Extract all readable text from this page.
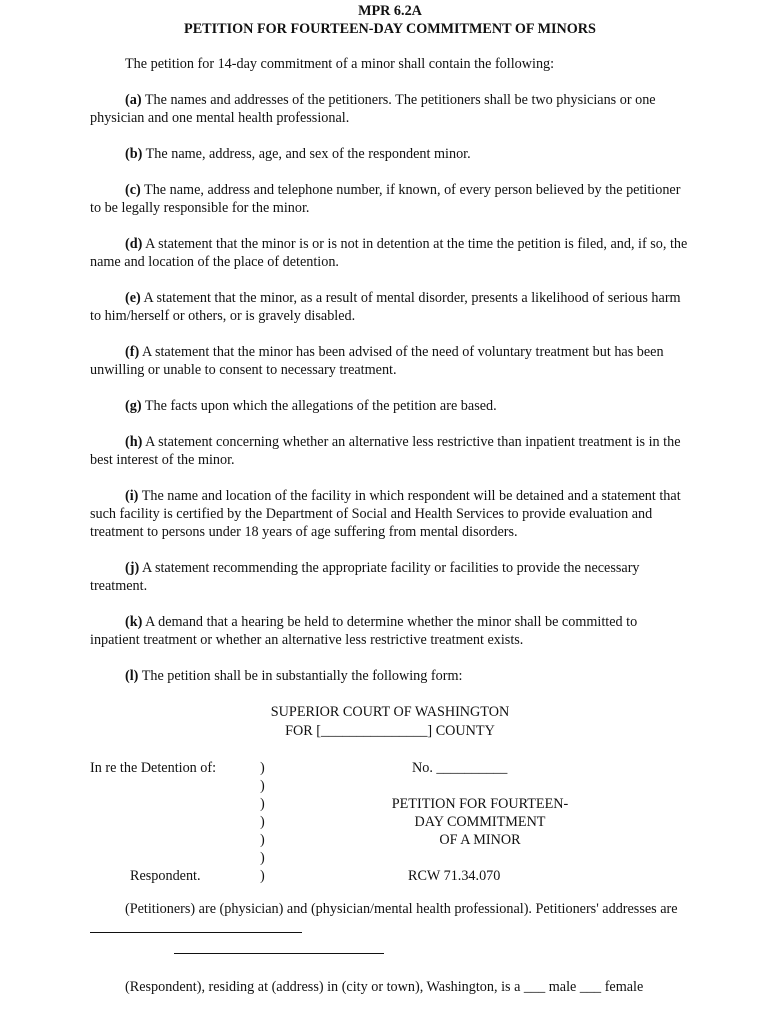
MPR 6.2A
PETITION FOR FOURTEEN-DAY COMMITMENT OF MINORS
The petition for 14-day commitment of a minor shall contain the following:
(a) The names and addresses of the petitioners. The petitioners shall be two physicians or one physician and one mental health professional.
(b) The name, address, age, and sex of the respondent minor.
(c) The name, address and telephone number, if known, of every person believed by the petitioner to be legally responsible for the minor.
(d) A statement that the minor is or is not in detention at the time the petition is filed, and, if so, the name and location of the place of detention.
(e) A statement that the minor, as a result of mental disorder, presents a likelihood of serious harm to him/herself or others, or is gravely disabled.
(f) A statement that the minor has been advised of the need of voluntary treatment but has been unwilling or unable to consent to necessary treatment.
(g) The facts upon which the allegations of the petition are based.
(h) A statement concerning whether an alternative less restrictive than inpatient treatment is in the best interest of the minor.
(i) The name and location of the facility in which respondent will be detained and a statement that such facility is certified by the Department of Social and Health Services to provide evaluation and treatment to persons under 18 years of age suffering from mental disorders.
(j) A statement recommending the appropriate facility or facilities to provide the necessary treatment.
(k) A demand that a hearing be held to determine whether the minor shall be committed to inpatient treatment or whether an alternative less restrictive treatment exists.
(l) The petition shall be in substantially the following form:
SUPERIOR COURT OF WASHINGTON
FOR [_______________] COUNTY
In re the Detention of:
Respondent.
)
)
)
)
)
)
)
No. __________
PETITION FOR FOURTEEN-
DAY COMMITMENT
OF A MINOR
RCW 71.34.070
(Petitioners) are (physician) and (physician/mental health professional). Petitioners' addresses are
(Respondent), residing at (address) in (city or town), Washington, is a ___ male ___ female
